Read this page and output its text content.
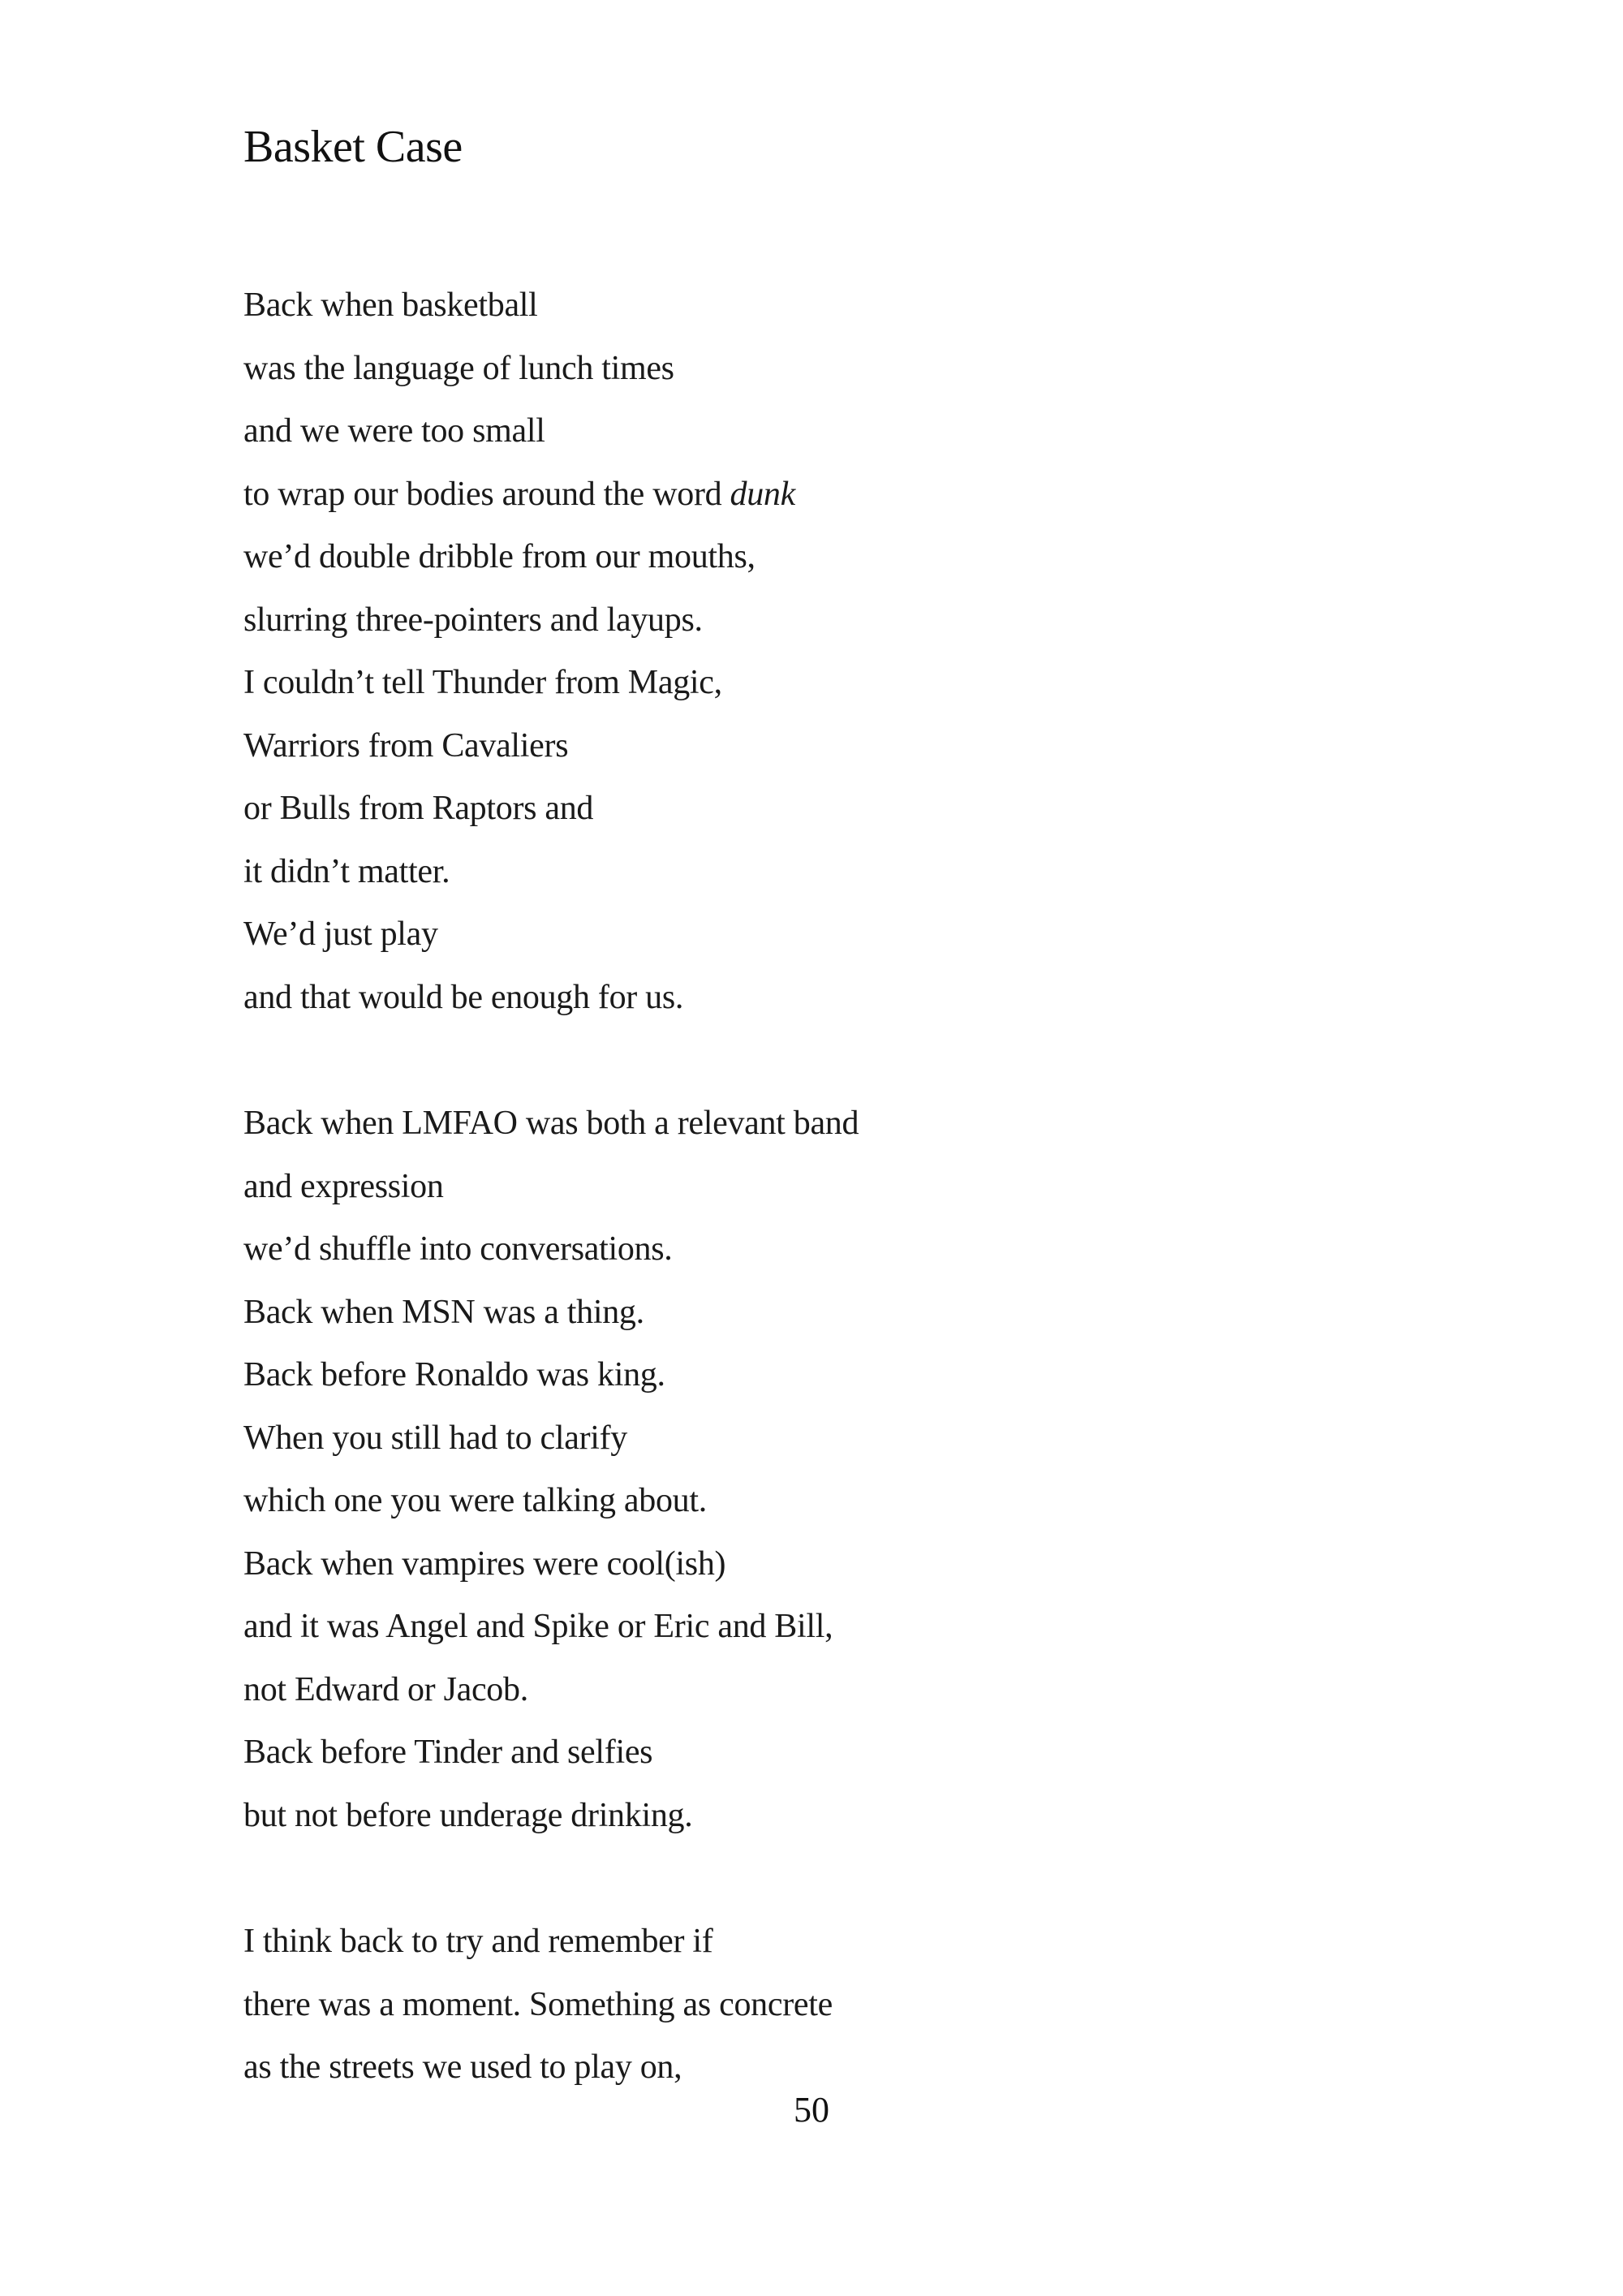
Basket Case
Back when basketball
was the language of lunch times
and we were too small
to wrap our bodies around the word dunk
we’d double dribble from our mouths,
slurring three-pointers and layups.
I couldn’t tell Thunder from Magic,
Warriors from Cavaliers
or Bulls from Raptors and
it didn’t matter.
We’d just play
and that would be enough for us.
Back when LMFAO was both a relevant band
and expression
we’d shuffle into conversations.
Back when MSN was a thing.
Back before Ronaldo was king.
When you still had to clarify
which one you were talking about.
Back when vampires were cool(ish)
and it was Angel and Spike or Eric and Bill,
not Edward or Jacob.
Back before Tinder and selfies
but not before underage drinking.
I think back to try and remember if
there was a moment. Something as concrete
as the streets we used to play on,
50
